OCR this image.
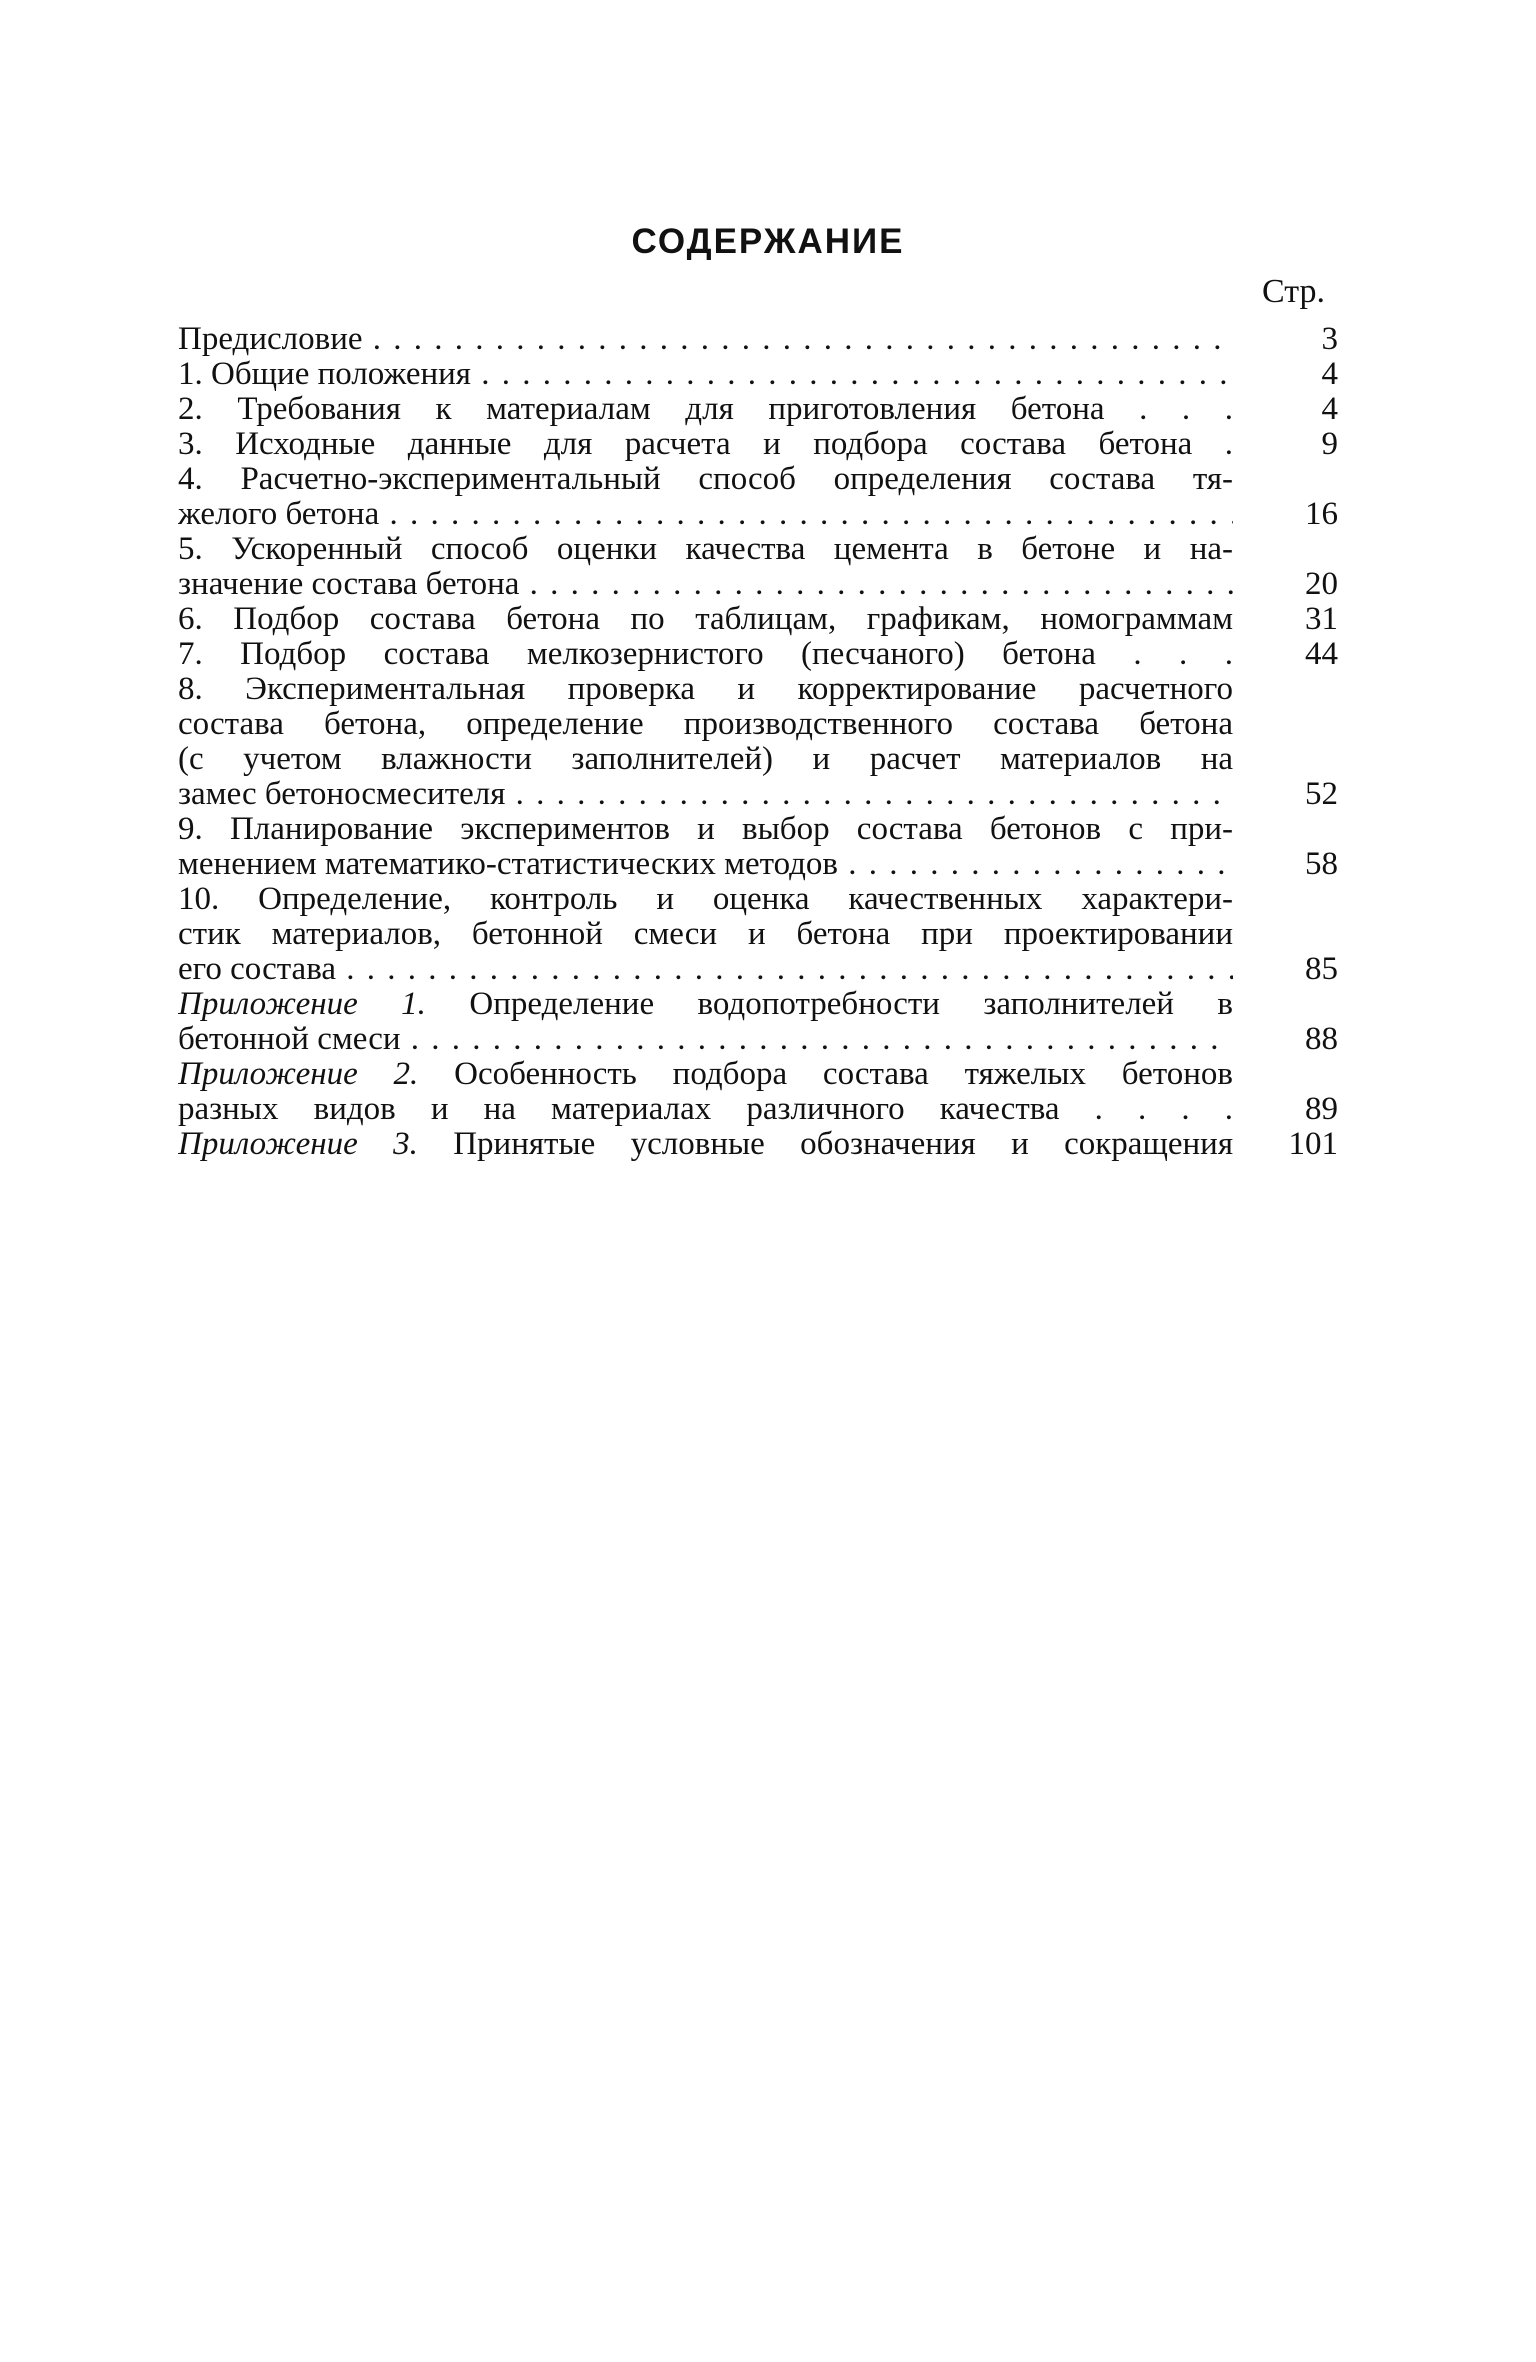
СОДЕРЖАНИЕ
Стр.
Предисловие . . .	3
1. Общие положения . . .	4
2. Требования к материалам для приготовления бетона . . .	4
3. Исходные данные для расчета и подбора состава бетона .	9
4. Расчетно-экспериментальный способ определения состава тя-
желого бетона . . .	16
5. Ускоренный способ оценки качества цемента в бетоне и на-
значение состава бетона . . .	20
6. Подбор состава бетона по таблицам, графикам, номограммам	31
7. Подбор состава мелкозернистого (песчаного) бетона . . .	44
8. Экспериментальная проверка и корректирование расчетного
состава бетона, определение производственного состава бетона
(с учетом влажности заполнителей) и расчет материалов на
замес бетоносмесителя . . .	52
9. Планирование экспериментов и выбор состава бетонов с при-
менением математико-статистических методов . . .	58
10. Определение, контроль и оценка качественных характери-
стик материалов, бетонной смеси и бетона при проектировании
его состава . . .	85
Приложение 1. Определение водопотребности заполнителей в
бетонной смеси . . .	88
Приложение 2. Особенность подбора состава тяжелых бетонов
разных видов и на материалах различного качества . . . .	89
Приложение 3. Принятые условные обозначения и сокращения	101
